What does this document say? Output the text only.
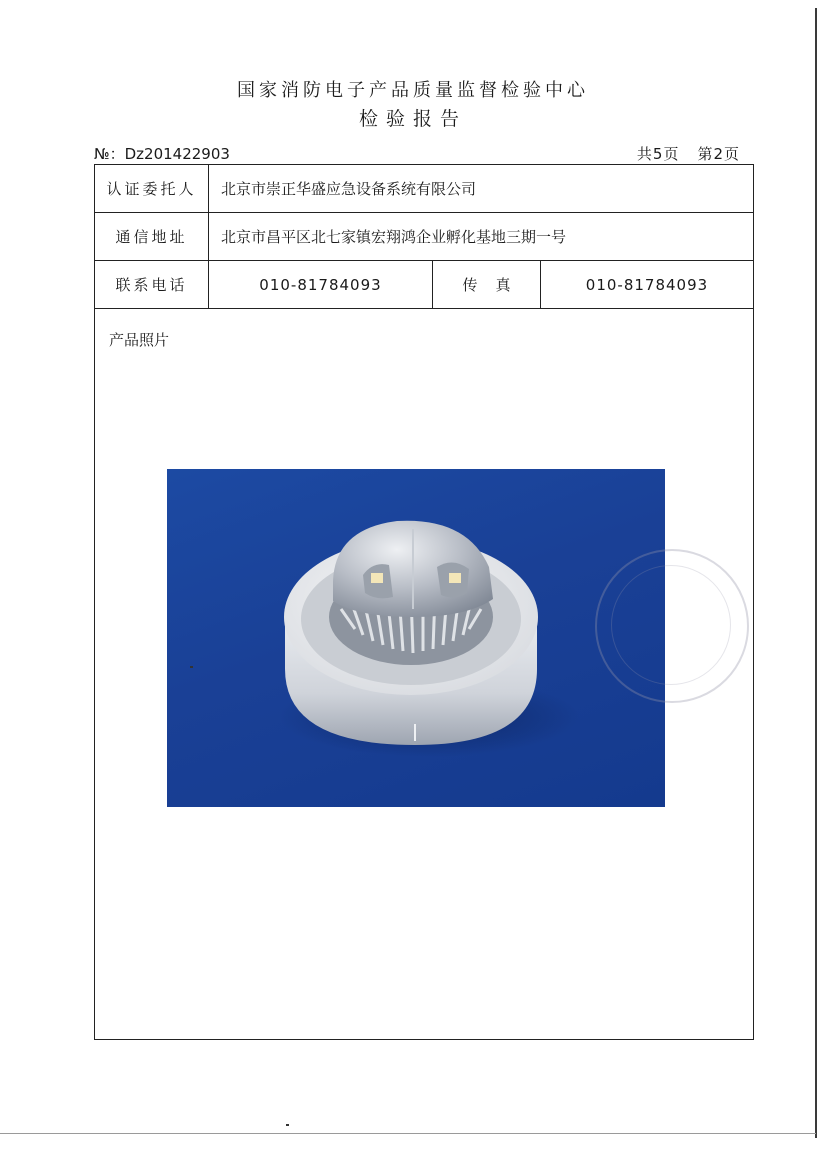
国家消防电子产品质量监督检验中心
检验报告
№：Dz201422903	共5页 第2页
认证委托人	北京市崇正华盛应急设备系统有限公司
通信地址	北京市昌平区北七家镇宏翔鸿企业孵化基地三期一号
联系电话	010-81784093	传 真	010-81784093
产品照片
